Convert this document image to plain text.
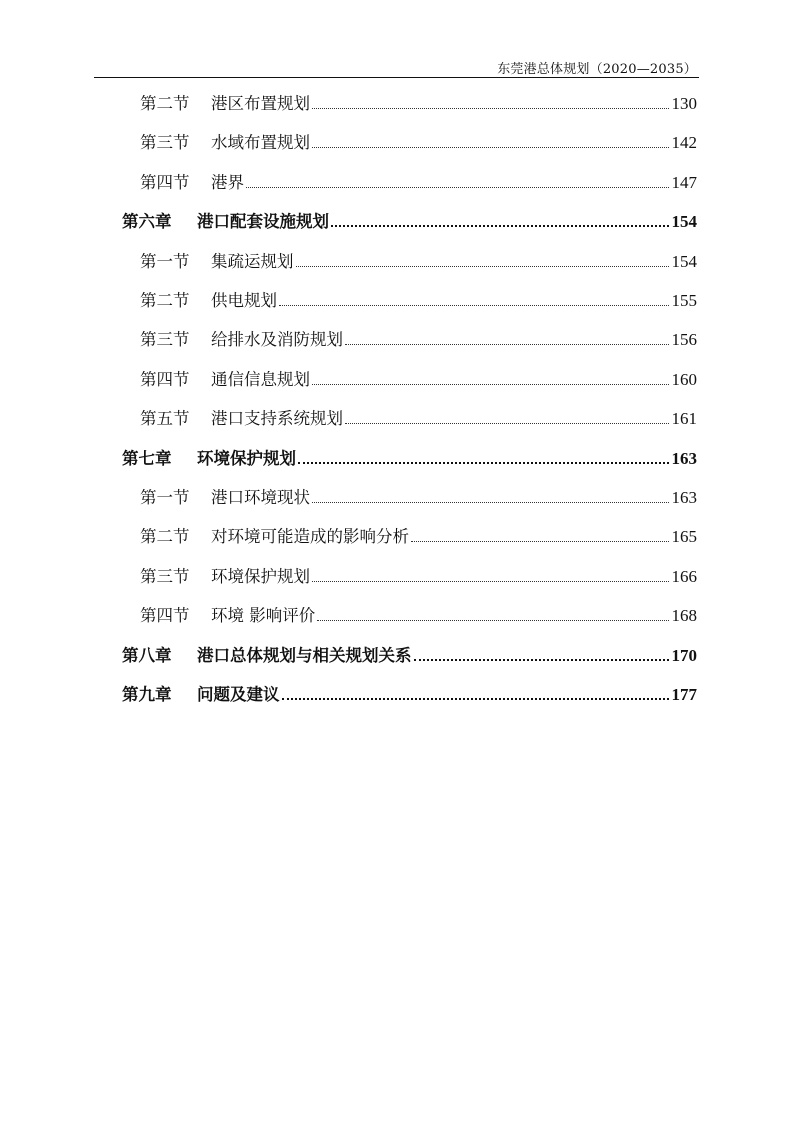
东莞港总体规划（2020—2035）
第二节	港区布置规划	130
第三节	水域布置规划	142
第四节	港界	147
第六章	港口配套设施规划	154
第一节	集疏运规划	154
第二节	供电规划	155
第三节	给排水及消防规划	156
第四节	通信信息规划	160
第五节	港口支持系统规划	161
第七章	环境保护规划	163
第一节	港口环境现状	163
第二节	对环境可能造成的影响分析	165
第三节	环境保护规划	166
第四节	环境 影响评价	168
第八章	港口总体规划与相关规划关系	170
第九章	问题及建议	177
